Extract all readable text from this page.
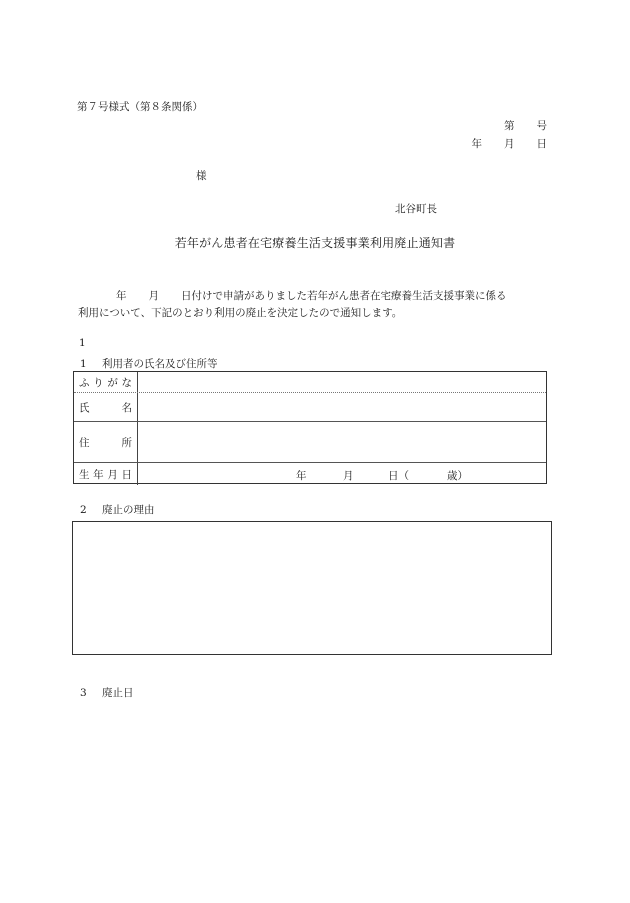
第７号様式（第８条関係）
第 号
年 月 日
様
北谷町長
若年がん患者在宅療養生活支援事業利用廃止通知書
年 月 日付けで申請がありました若年がん患者在宅療養生活支援事業に係る
利用について、下記のとおり利用の廃止を決定したので通知します。
1
1 利用者の氏名及び住所等
ふ り が な
氏	名
住	所
生 年 月 日	年	月	日（	歳）
2 廃止の理由
3 廃止日
